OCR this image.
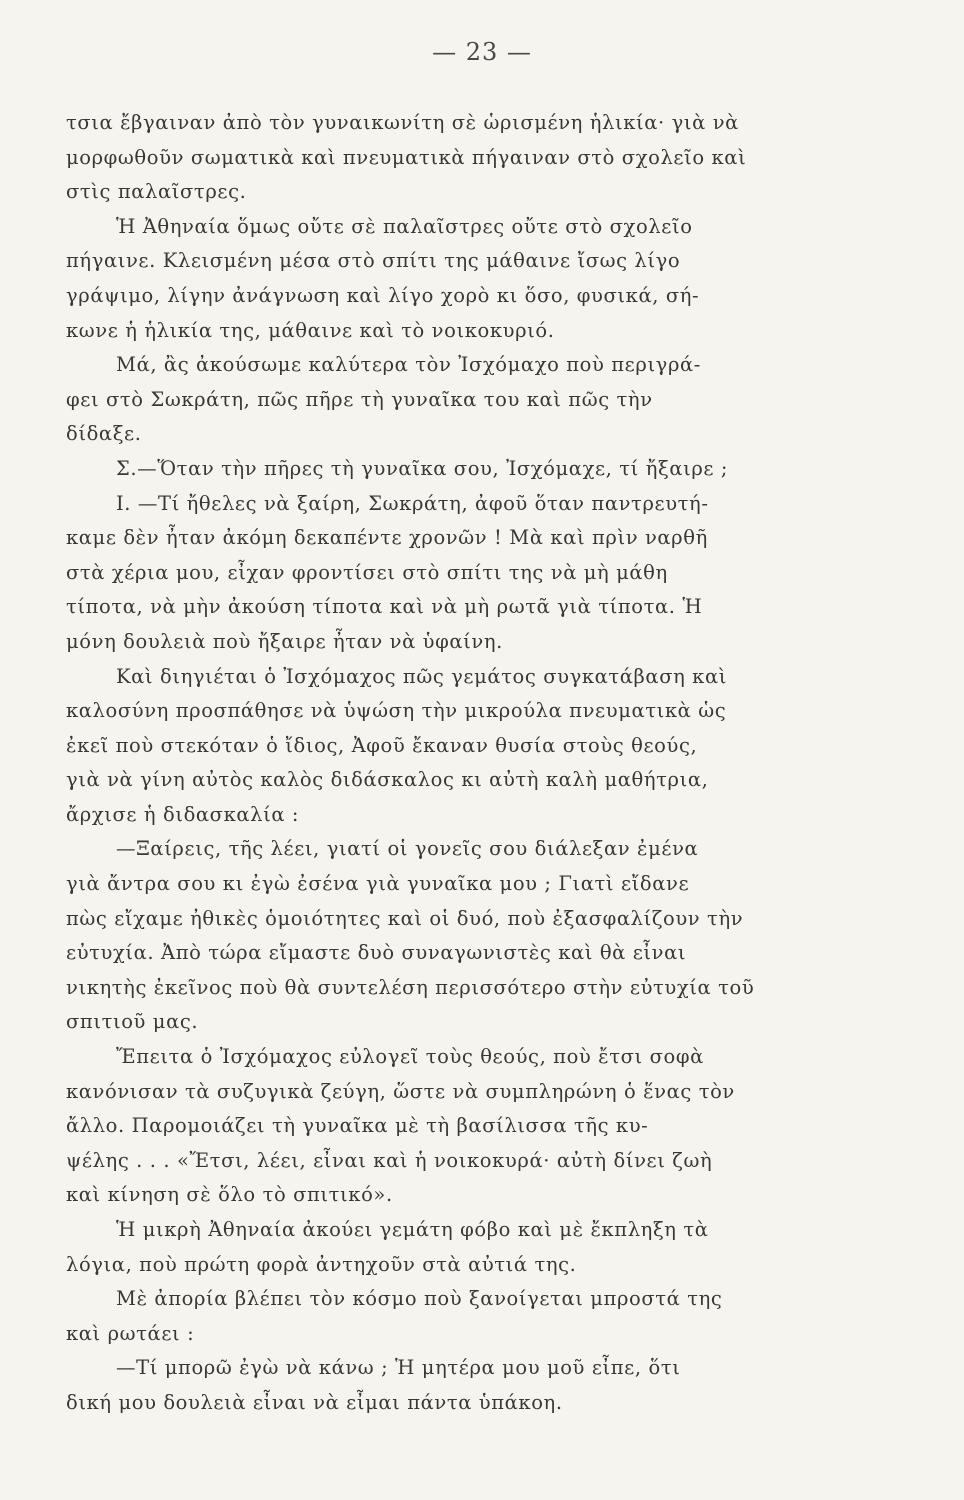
— 23 —
τσια ἔβγαιναν ἀπὸ τὸν γυναικωνίτη σὲ ὡρισμένη ἡλικία· γιὰ νὰ
μορφωθοῦν σωματικὰ καὶ πνευματικὰ πήγαιναν στὸ σχολεῖο καὶ
στὶς παλαῖστρες.
Ἡ Ἀθηναία ὅμως οὔτε σὲ παλαῖστρες οὔτε στὸ σχολεῖο
πήγαινε. Κλεισμένη μέσα στὸ σπίτι της μάθαινε ἴσως λίγο
γράψιμο, λίγην ἀνάγνωση καὶ λίγο χορὸ κι ὅσο, φυσικά, σή-
κωνε ἡ ἡλικία της, μάθαινε καὶ τὸ νοικοκυριό.
Μά, ἂς ἀκούσωμε καλύτερα τὸν Ἰσχόμαχο ποὺ περιγρά-
φει στὸ Σωκράτη, πῶς πῆρε τὴ γυναῖκα του καὶ πῶς τὴν
δίδαξε.
Σ.—Ὅταν τὴν πῆρες τὴ γυναῖκα σου, Ἰσχόμαχε, τί ἤξαιρε ;
Ι. —Τί ἤθελες νὰ ξαίρη, Σωκράτη, ἀφοῦ ὅταν παντρευτή-
καμε δὲν ἦταν ἀκόμη δεκαπέντε χρονῶν ! Μὰ καὶ πρὶν ναρθῆ
στὰ χέρια μου, εἶχαν φροντίσει στὸ σπίτι της νὰ μὴ μάθη
τίποτα, νὰ μὴν ἀκούση τίποτα καὶ νὰ μὴ ρωτᾶ γιὰ τίποτα. Ἡ
μόνη δουλειὰ ποὺ ἤξαιρε ἦταν νὰ ὑφαίνη.
Καὶ διηγιέται ὁ Ἰσχόμαχος πῶς γεμάτος συγκατάβαση καὶ
καλοσύνη προσπάθησε νὰ ὑψώση τὴν μικρούλα πνευματικὰ ὡς
ἐκεῖ ποὺ στεκόταν ὁ ἴδιος, Ἀφοῦ ἔκαναν θυσία στοὺς θεούς,
γιὰ νὰ γίνη αὐτὸς καλὸς διδάσκαλος κι αὐτὴ καλὴ μαθήτρια,
ἄρχισε ἡ διδασκαλία :
—Ξαίρεις, τῆς λέει, γιατί οἱ γονεῖς σου διάλεξαν ἐμένα
γιὰ ἄντρα σου κι ἐγὼ ἐσένα γιὰ γυναῖκα μου ; Γιατὶ εἴδανε
πὼς εἴχαμε ἠθικὲς ὁμοιότητες καὶ οἱ δυό, ποὺ ἐξασφαλίζουν τὴν
εὐτυχία. Ἀπὸ τώρα εἴμαστε δυὸ συναγωνιστὲς καὶ θὰ εἶναι
νικητὴς ἐκεῖνος ποὺ θὰ συντελέση περισσότερο στὴν εὐτυχία τοῦ
σπιτιοῦ μας.
Ἔπειτα ὁ Ἰσχόμαχος εὐλογεῖ τοὺς θεούς, ποὺ ἔτσι σοφὰ
κανόνισαν τὰ συζυγικὰ ζεύγη, ὥστε νὰ συμπληρώνη ὁ ἕνας τὸν
ἄλλο. Παρομοιάζει τὴ γυναῖκα μὲ τὴ βασίλισσα τῆς κυ-
ψέλης . . . «Ἔτσι, λέει, εἶναι καὶ ἡ νοικοκυρά· αὐτὴ δίνει ζωὴ
καὶ κίνηση σὲ ὅλο τὸ σπιτικό».
Ἡ μικρὴ Ἀθηναία ἀκούει γεμάτη φόβο καὶ μὲ ἔκπληξη τὰ
λόγια, ποὺ πρώτη φορὰ ἀντηχοῦν στὰ αὐτιά της.
Μὲ ἀπορία βλέπει τὸν κόσμο ποὺ ξανοίγεται μπροστά της
καὶ ρωτάει :
—Τί μπορῶ ἐγὼ νὰ κάνω ; Ἡ μητέρα μου μοῦ εἶπε, ὅτι
δική μου δουλειὰ εἶναι νὰ εἶμαι πάντα ὑπάκοη.
